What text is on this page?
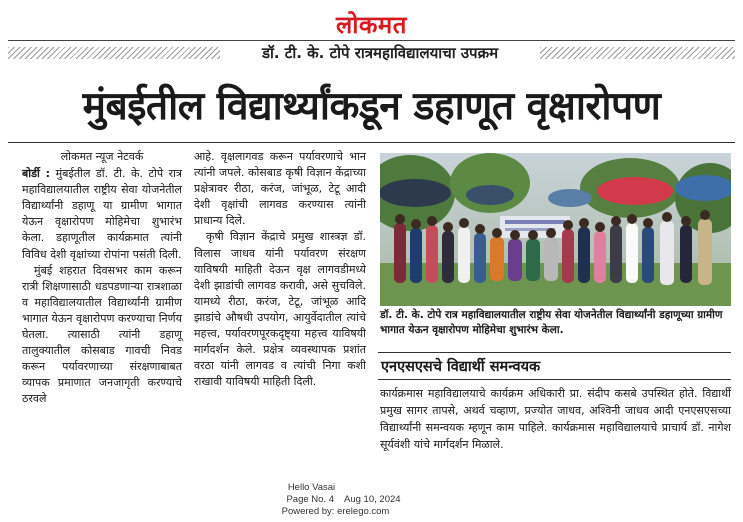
लोकमत
डॉ. टी. के. टोपे रात्रमहाविद्यालयाचा उपक्रम
मुंबईतील विद्यार्थ्यांकडून डहाणूत वृक्षारोपण
लोकमत न्यूज नेटवर्क

बोर्डी : मुंबईतील डॉ. टी. के. टोपे रात्र महाविद्यालयातील राष्ट्रीय सेवा योजनेतील विद्यार्थ्यांनी डहाणू या ग्रामीण भागात येऊन वृक्षारोपण मोहिमेचा शुभारंभ केला. डहाणूतील कार्यक्रमात त्यांनी विविध देशी वृक्षांच्या रोपांना पसंती दिली.

मुंबई शहरात दिवसभर काम करून रात्री शिक्षणासाठी धडपडणाऱ्या रात्रशाळा व महाविद्यालयातील विद्यार्थ्यांनी ग्रामीण भागात येऊन वृक्षारोपण करण्याचा निर्णय घेतला. त्यासाठी त्यांनी डहाणू तालुक्यातील कोसबाड गावची निवड करून पर्यावरणाच्या संरक्षणाबाबत व्यापक प्रमाणात जनजागृती करण्याचे ठरवले

आहे. वृक्षलागवड करून पर्यावरणाचे भान त्यांनी जपले. कोसबाड कृषी विज्ञान केंद्राच्या प्रक्षेत्रावर रीठा, करंज, जांभूळ, टेटू आदी देशी वृक्षांची लागवड करण्यास त्यांनी प्राधान्य दिले.

कृषी विज्ञान केंद्राचे प्रमुख शास्त्रज्ञ डॉ. विलास जाधव यांनी पर्यावरण संरक्षण याविषयी माहिती देऊन वृक्ष लागवडीमध्ये देशी झाडांची लागवड करावी, असे सुचविले. यामध्ये रीठा, करंज, टेटू, जांभूळ आदि झाडांचे औषधी उपयोग, आयुर्वेदातील त्यांचे महत्त्व, पर्यावरणपूरकदृष्ट्या महत्त्व याविषयी मार्गदर्शन केले. प्रक्षेत्र व्यवस्थापक प्रशांत वरठा यांनी लागवड व त्यांची निगा कशी राखावी याविषयी माहिती दिली.

डॉ. टी. के. टोपे रात्र महाविद्यालयातील राष्ट्रीय सेवा योजनेतील विद्यार्थ्यांनी डहाणूच्या ग्रामीण भागात येऊन वृक्षारोपण मोहिमेचा शुभारंभ केला.
एनएसएसचे विद्यार्थी समन्वयक
कार्यक्रमास महाविद्यालयाचे कार्यक्रम अधिकारी प्रा. संदीप कसबे उपस्थित होते. विद्यार्थी प्रमुख सागर तापसे, अथर्व चव्हाण, प्रज्योत जाधव, अश्विनी जाधव आदी एनएसएसच्या विद्यार्थ्यांनी समन्वयक म्हणून काम पाहिले. कार्यक्रमास महाविद्यालयाचे प्राचार्य डॉ. नागेश सूर्यवंशी यांचे मार्गदर्शन मिळाले.
Hello Vasai
Page No. 4    Aug 10, 2024
Powered by: erelego.com
